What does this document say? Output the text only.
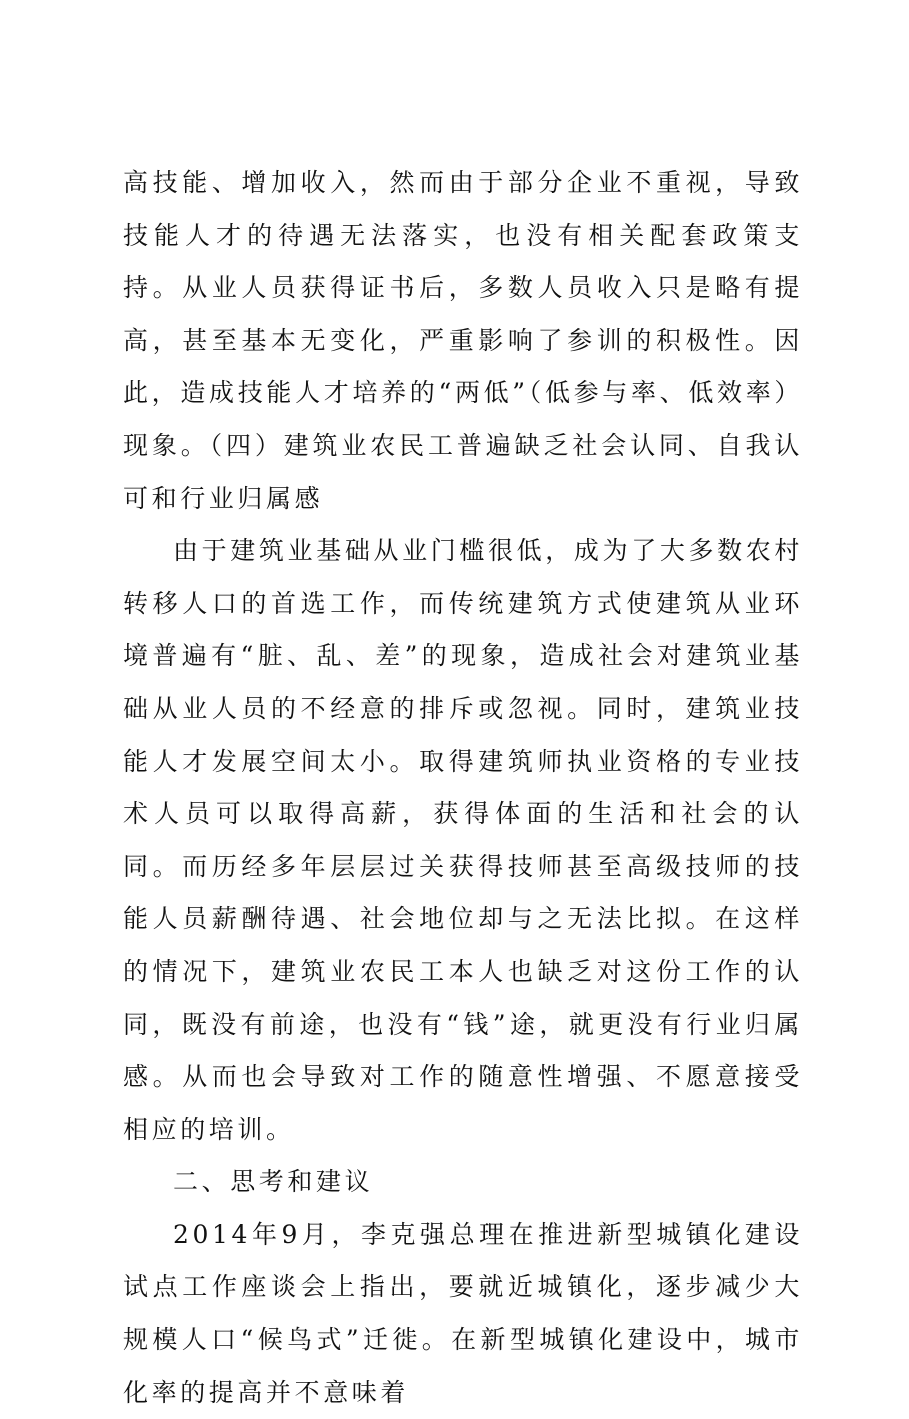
高技能、增加收入，然而由于部分企业不重视，导致技能人才的待遇无法落实，也没有相关配套政策支持。从业人员获得证书后，多数人员收入只是略有提高，甚至基本无变化，严重影响了参训的积极性。因此，造成技能人才培养的“两低”（低参与率、低效率）现象。（四）建筑业农民工普遍缺乏社会认同、自我认可和行业归属感

由于建筑业基础从业门槛很低，成为了大多数农村转移人口的首选工作，而传统建筑方式使建筑从业环境普遍有“脏、乱、差”的现象，造成社会对建筑业基础从业人员的不经意的排斥或忽视。同时，建筑业技能人才发展空间太小。取得建筑师执业资格的专业技术人员可以取得高薪，获得体面的生活和社会的认同。而历经多年层层过关获得技师甚至高级技师的技能人员薪酬待遇、社会地位却与之无法比拟。在这样的情况下，建筑业农民工本人也缺乏对这份工作的认同，既没有前途，也没有“钱”途，就更没有行业归属感。从而也会导致对工作的随意性增强、不愿意接受相应的培训。

二、思考和建议

2014年9月，李克强总理在推进新型城镇化建设试点工作座谈会上指出，要就近城镇化，逐步减少大规模人口“候鸟式”迁徙。在新型城镇化建设中，城市化率的提高并不意味着
